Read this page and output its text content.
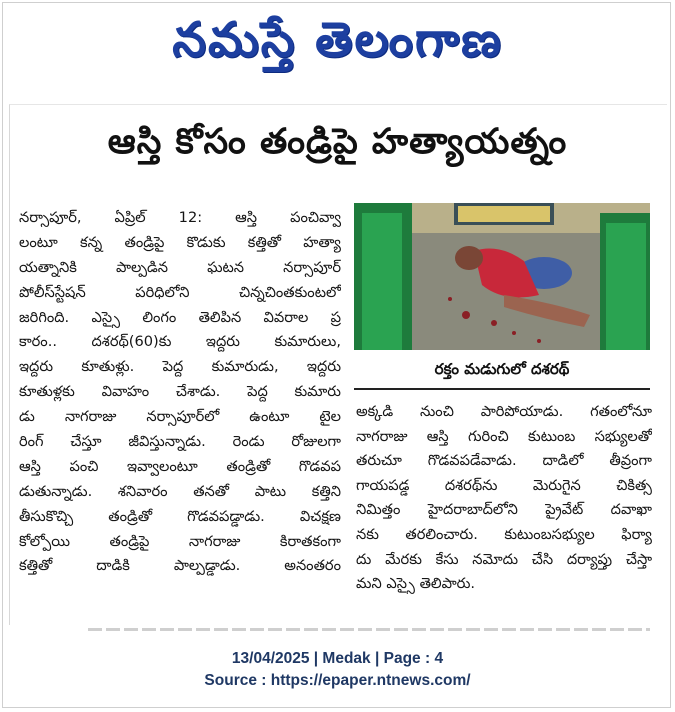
నమస్తే తెలంగాణ
ఆస్తి కోసం తండ్రిపై హత్యాయత్నం
నర్సాపూర్, ఏప్రిల్ 12: ఆస్తి పంచివ్వా
లంటూ కన్న తండ్రిపై కొడుకు కత్తితో హత్యా
యత్నానికి పాల్పడిన ఘటన నర్సాపూర్
పోలీస్‌స్టేషన్ పరిధిలోని చిన్నచింతకుంటలో
జరిగింది. ఎస్సై లింగం తెలిపిన వివరాల ప్ర
కారం.. దశరథ్(60)కు ఇద్దరు కుమారులు,
ఇద్దరు కూతుళ్లు. పెద్ద కుమారుడు, ఇద్దరు
కూతుళ్లకు వివాహం చేశాడు. పెద్ద కుమారు
డు నాగరాజు నర్సాపూర్‌లో ఉంటూ టైల
రింగ్ చేస్తూ జీవిస్తున్నాడు. రెండు రోజులగా
ఆస్తి పంచి ఇవ్వాలంటూ తండ్రితో గొడవప
డుతున్నాడు. శనివారం తనతో పాటు కత్తిని
తీసుకొచ్చి తండ్రితో గొడవపడ్డాడు. విచక్షణ
కోల్పోయి తండ్రిపై నాగరాజు కిరాతకంగా
కత్తితో దాడికి పాల్పడ్డాడు. అనంతరం
రక్తం మడుగులో దశరథ్
అక్కడి నుంచి పారిపోయాడు. గతంలోనూ
నాగరాజు ఆస్తి గురించి కుటుంబ సభ్యులతో
తరుచూ గొడవపడేవాడు. దాడిలో తీవ్రంగా
గాయపడ్డ దశరథ్‌ను మెరుగైన చికిత్స
నిమిత్తం హైదరాబాద్‌లోని ప్రైవేట్ దవాఖా
నకు తరలించారు. కుటుంబసభ్యుల ఫిర్యా
దు మేరకు కేసు నమోదు చేసి దర్యాప్తు చేస్తా
మని ఎస్సై తెలిపారు.
13/04/2025 | Medak | Page : 4
Source : https://epaper.ntnews.com/
